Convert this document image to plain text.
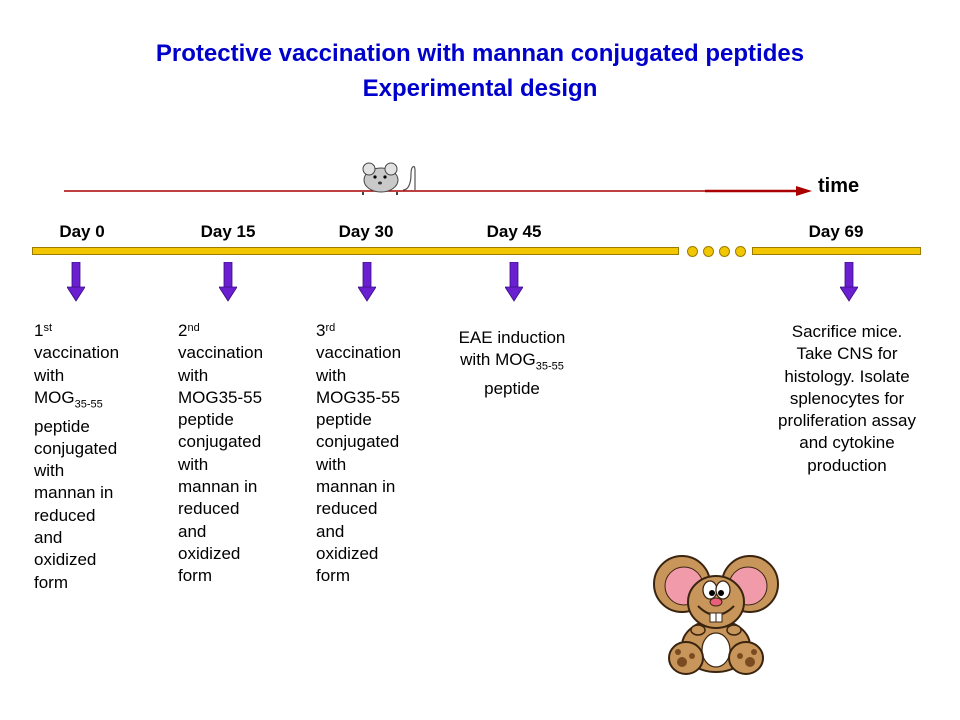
Protective vaccination with mannan conjugated peptides
Experimental design
time
Day 0	Day 15	Day 30	Day 45	Day 69
1st
vaccination
with
$MOG_{35-55}$
peptide
conjugated
with
mannan in
reduced
and
oxidized
form
2nd
vaccination
with
MOG35-55
peptide
conjugated
with
mannan in
reduced
and
oxidized
form
3rd
vaccination
with
MOG35-55
peptide
conjugated
with
mannan in
reduced
and
oxidized
form
EAE induction
with $MOG_{35-55}$
peptide
Sacrifice mice.
Take CNS for
histology. Isolate
splenocytes for
proliferation assay
and cytokine
production
